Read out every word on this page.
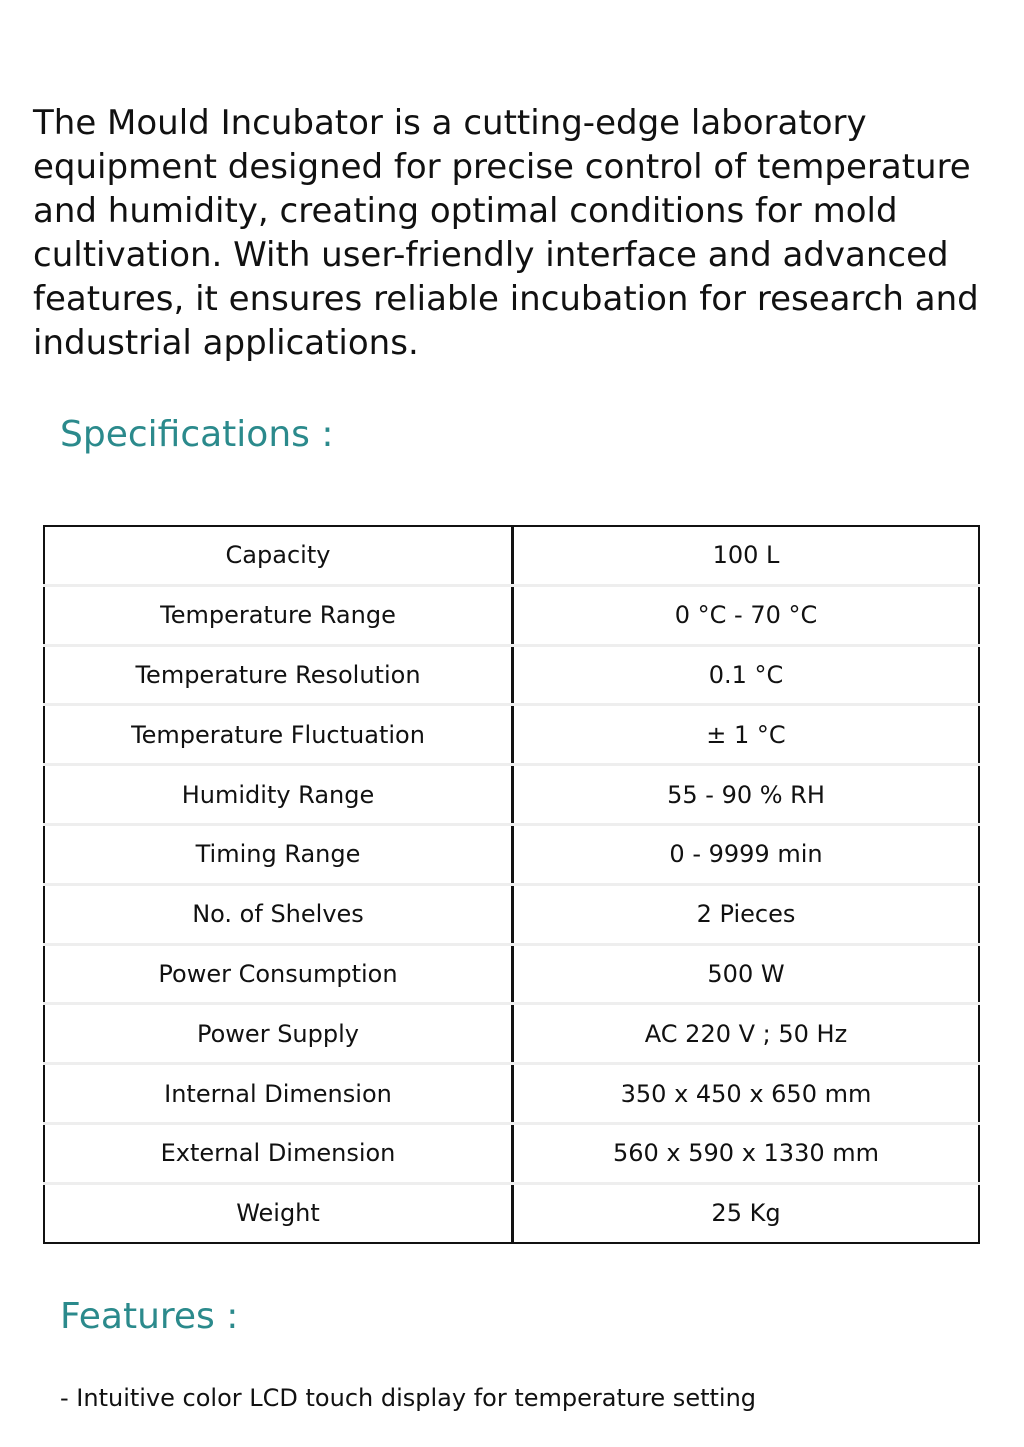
The Mould Incubator is a cutting-edge laboratory
equipment designed for precise control of temperature
and humidity, creating optimal conditions for mold
cultivation. With user-friendly interface and advanced
features, it ensures reliable incubation for research and
industrial applications.

Specifications :
Capacity	100 L
Temperature Range	0 °C - 70 °C
Temperature Resolution	0.1 °C
Temperature Fluctuation	± 1 °C
Humidity Range	55 - 90 % RH
Timing Range	0 - 9999 min
No. of Shelves	2 Pieces
Power Consumption	500 W
Power Supply	AC 220 V ; 50 Hz
Internal Dimension	350 x 450 x 650 mm
External Dimension	560 x 590 x 1330 mm
Weight	25 Kg
Features :
- Intuitive color LCD touch display for temperature setting
